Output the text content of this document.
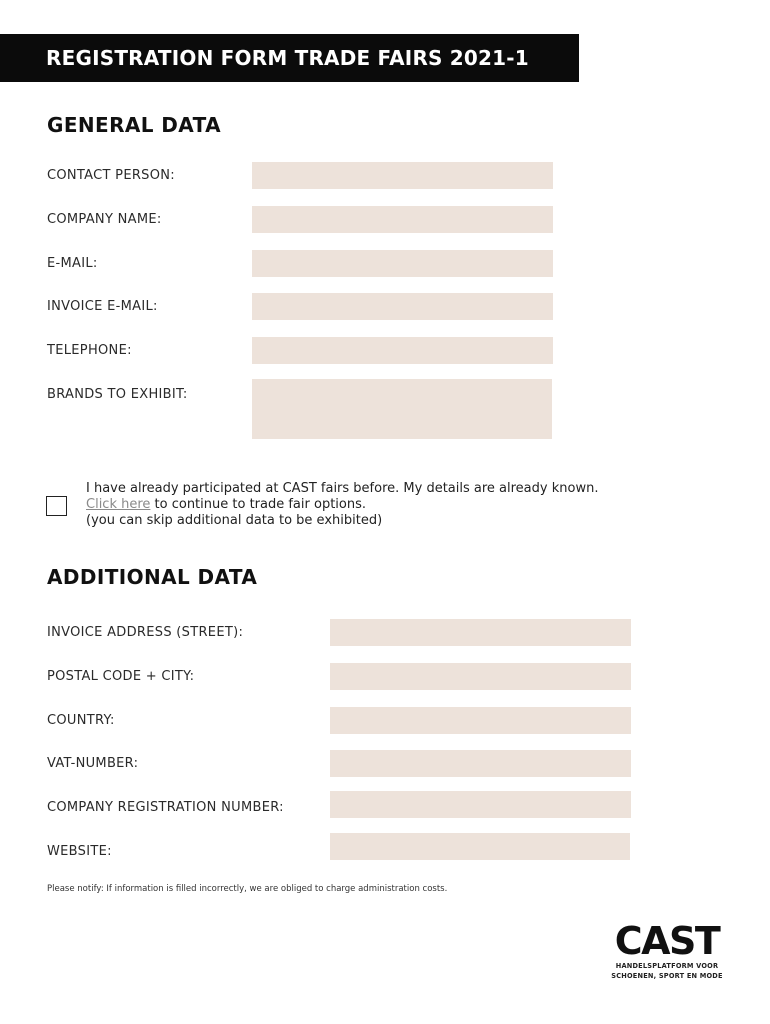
REGISTRATION FORM TRADE FAIRS 2021-1
GENERAL DATA
CONTACT PERSON:
COMPANY NAME:
E-MAIL:
INVOICE E-MAIL:
TELEPHONE:
BRANDS TO EXHIBIT:
I have already participated at CAST fairs before. My details are already known.
Click here to continue to trade fair options.
(you can skip additional data to be exhibited)
ADDITIONAL DATA
INVOICE ADDRESS (STREET):
POSTAL CODE + CITY:
COUNTRY:
VAT-NUMBER:
COMPANY REGISTRATION NUMBER:
WEBSITE:

Please notify: If information is filled incorrectly, we are obliged to charge administration costs.

CAST
HANDELSPLATFORM VOOR
SCHOENEN, SPORT EN MODE
